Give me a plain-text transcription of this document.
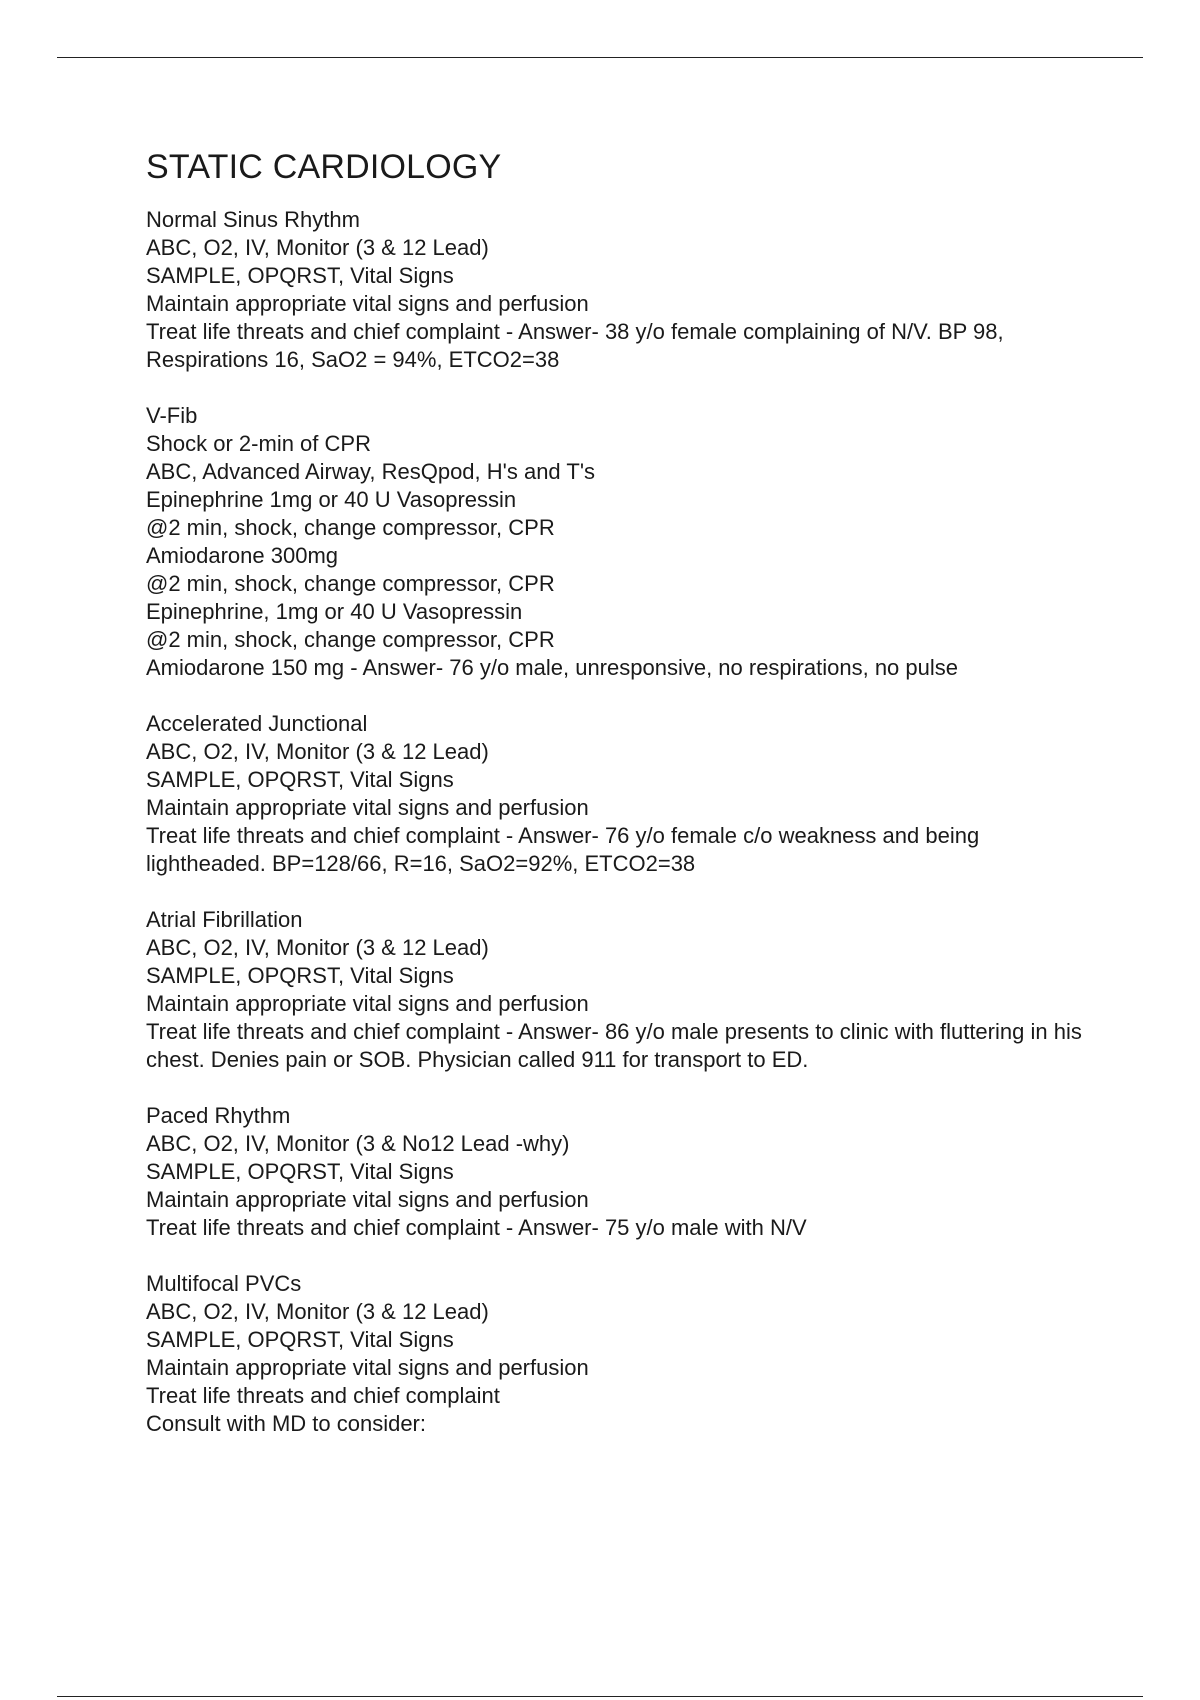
STATIC CARDIOLOGY
Normal Sinus Rhythm
ABC, O2, IV, Monitor (3 & 12 Lead)
SAMPLE, OPQRST, Vital Signs
Maintain appropriate vital signs and perfusion
Treat life threats and chief complaint - Answer- 38 y/o female complaining of N/V. BP 98, Respirations 16, SaO2 = 94%, ETCO2=38
V-Fib
Shock or 2-min of CPR
ABC, Advanced Airway, ResQpod, H's and T's
Epinephrine 1mg or 40 U Vasopressin
@2 min, shock, change compressor, CPR
Amiodarone 300mg
@2 min, shock, change compressor, CPR
Epinephrine, 1mg or 40 U Vasopressin
@2 min, shock, change compressor, CPR
Amiodarone 150 mg - Answer- 76 y/o male, unresponsive, no respirations, no pulse
Accelerated Junctional
ABC, O2, IV, Monitor (3 & 12 Lead)
SAMPLE, OPQRST, Vital Signs
Maintain appropriate vital signs and perfusion
Treat life threats and chief complaint - Answer- 76 y/o female c/o weakness and being lightheaded. BP=128/66, R=16, SaO2=92%, ETCO2=38
Atrial Fibrillation
ABC, O2, IV, Monitor (3 & 12 Lead)
SAMPLE, OPQRST, Vital Signs
Maintain appropriate vital signs and perfusion
Treat life threats and chief complaint - Answer- 86 y/o male presents to clinic with fluttering in his chest. Denies pain or SOB. Physician called 911 for transport to ED.
Paced Rhythm
ABC, O2, IV, Monitor (3 & No12 Lead -why)
SAMPLE, OPQRST, Vital Signs
Maintain appropriate vital signs and perfusion
Treat life threats and chief complaint - Answer- 75 y/o male with N/V
Multifocal PVCs
ABC, O2, IV, Monitor (3 & 12 Lead)
SAMPLE, OPQRST, Vital Signs
Maintain appropriate vital signs and perfusion
Treat life threats and chief complaint
Consult with MD to consider:
